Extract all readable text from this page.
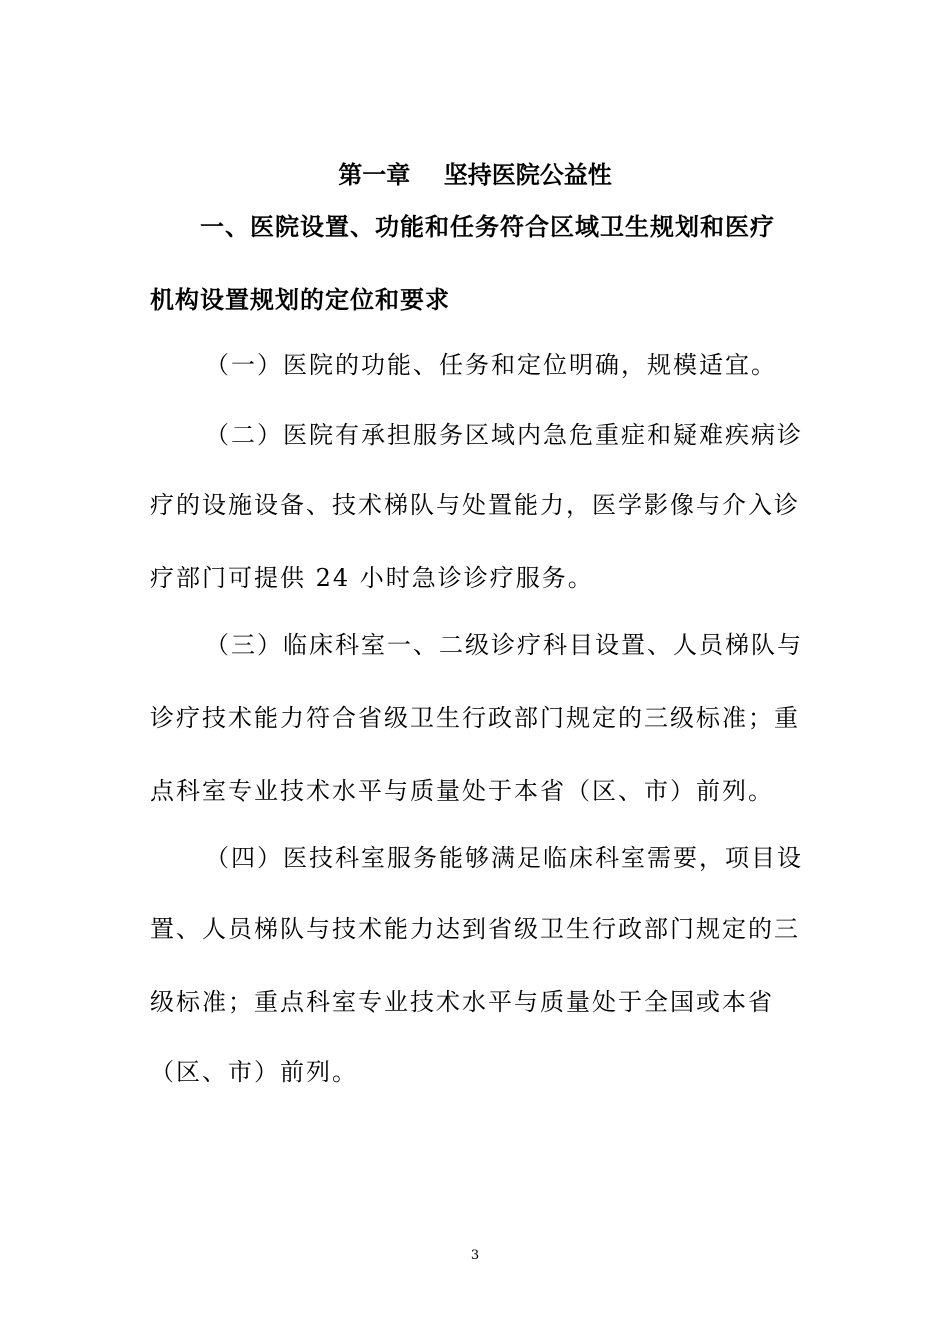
第一章    坚持医院公益性
一、医院设置、功能和任务符合区域卫生规划和医疗
机构设置规划的定位和要求
（一）医院的功能、任务和定位明确，规模适宜。
（二）医院有承担服务区域内急危重症和疑难疾病诊
疗的设施设备、技术梯队与处置能力，医学影像与介入诊
疗部门可提供 24 小时急诊诊疗服务。
（三）临床科室一、二级诊疗科目设置、人员梯队与
诊疗技术能力符合省级卫生行政部门规定的三级标准；重
点科室专业技术水平与质量处于本省（区、市）前列。
（四）医技科室服务能够满足临床科室需要，项目设
置、人员梯队与技术能力达到省级卫生行政部门规定的三
级标准；重点科室专业技术水平与质量处于全国或本省
（区、市）前列。
3
